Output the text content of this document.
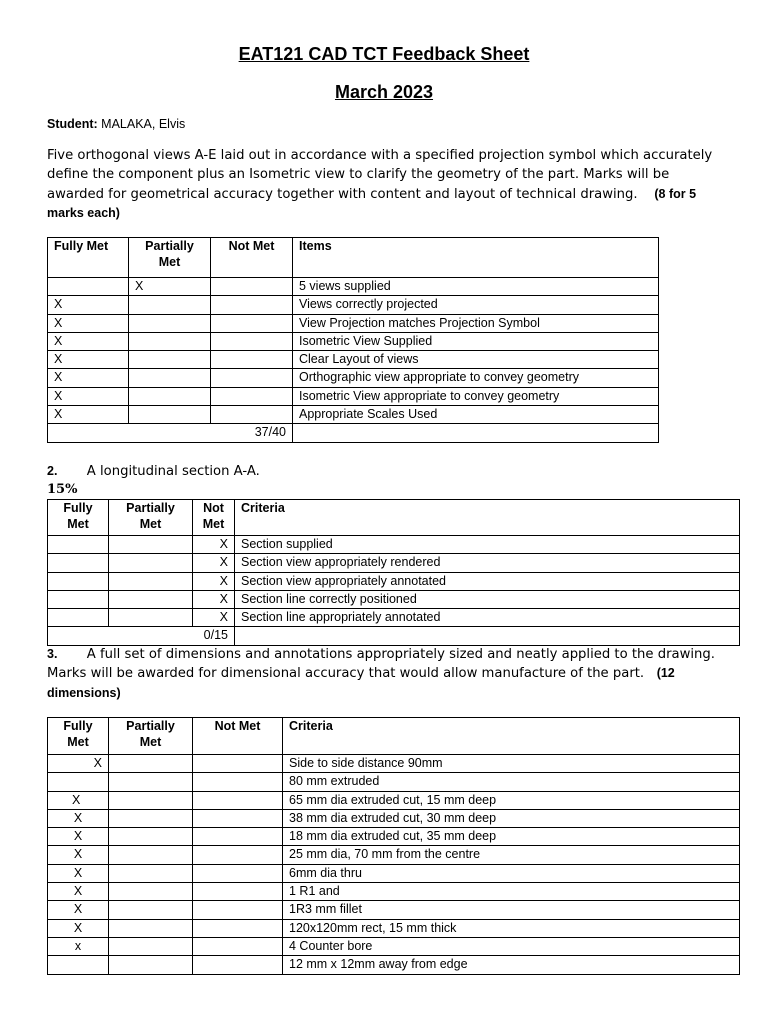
EAT121 CAD TCT Feedback Sheet
March 2023
Student: MALAKA, Elvis
Five orthogonal views A-E laid out in accordance with a specified projection symbol which accurately define the component plus an Isometric view to clarify the geometry of the part. Marks will be awarded for geometrical accuracy together with content and layout of technical drawing. (8 for 5 marks each)
Fully Met	Partially Met	Not Met	Items
	X		5 views supplied
X			Views correctly projected
X			View Projection matches Projection Symbol
X			Isometric View Supplied
X			Clear Layout of views
X			Orthographic view appropriate to convey geometry
X			Isometric View appropriate to convey geometry
X			Appropriate Scales Used
37/40			
2. A longitudinal section A-A.
15%
Fully Met	Partially Met	Not Met	Criteria
		X	Section supplied
		X	Section view appropriately rendered
		X	Section view appropriately annotated
		X	Section line correctly positioned
		X	Section line appropriately annotated
0/15			
3. A full set of dimensions and annotations appropriately sized and neatly applied to the drawing. Marks will be awarded for dimensional accuracy that would allow manufacture of the part. (12 dimensions)
Fully Met	Partially Met	Not Met	Criteria
X			Side to side distance 90mm
			80 mm extruded
X			65 mm dia extruded cut, 15 mm deep
X			38 mm dia extruded cut, 30 mm deep
X			18 mm dia extruded cut, 35 mm deep
X			25 mm dia, 70 mm from the centre
X			6mm dia thru
X			1 R1 and
X			1R3 mm fillet
X			120x120mm rect, 15 mm thick
x			4 Counter bore
			12 mm x 12mm away from edge
